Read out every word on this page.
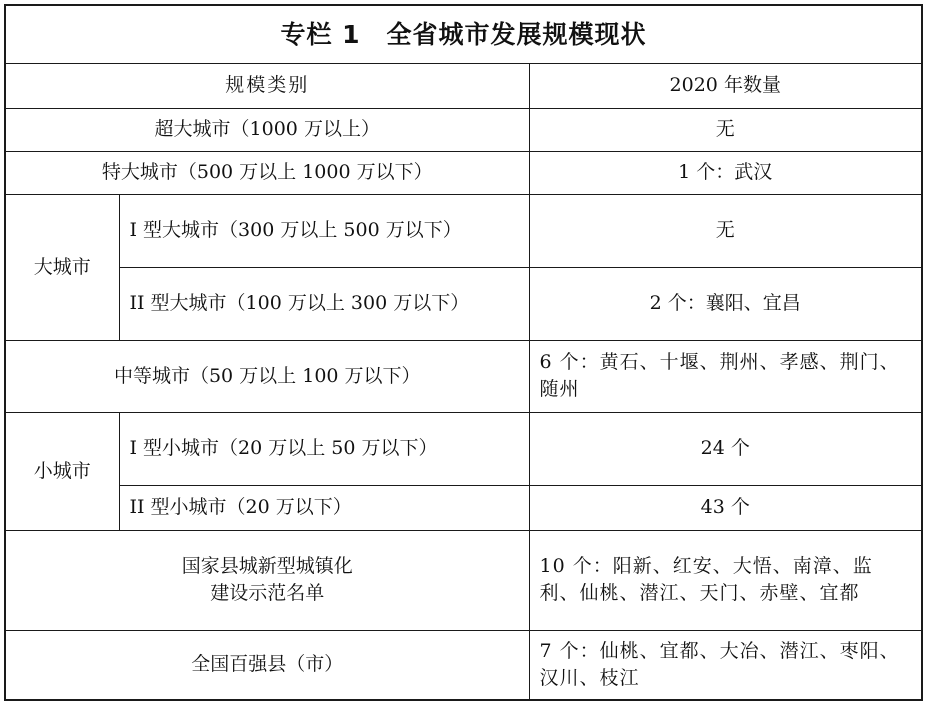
专栏 1 全省城市发展规模现状		
规模类别		2020 年数量
超大城市（1000 万以上）		无
特大城市（500 万以上 1000 万以下）		1 个：武汉
大城市	I 型大城市（300 万以上 500 万以下）	无
	II 型大城市（100 万以上 300 万以下）	2 个：襄阳、宜昌
中等城市（50 万以上 100 万以下）		6 个：黄石、十堰、荆州、孝感、荆门、随州
小城市	I 型小城市（20 万以上 50 万以下）	24 个
	II 型小城市（20 万以下）	43 个

国家县城新型城镇化
建设示范名单		10 个：阳新、红安、大悟、南漳、监利、仙桃、潜江、天门、赤壁、宜都
全国百强县（市）		7 个：仙桃、宜都、大冶、潜江、枣阳、汉川、枝江
